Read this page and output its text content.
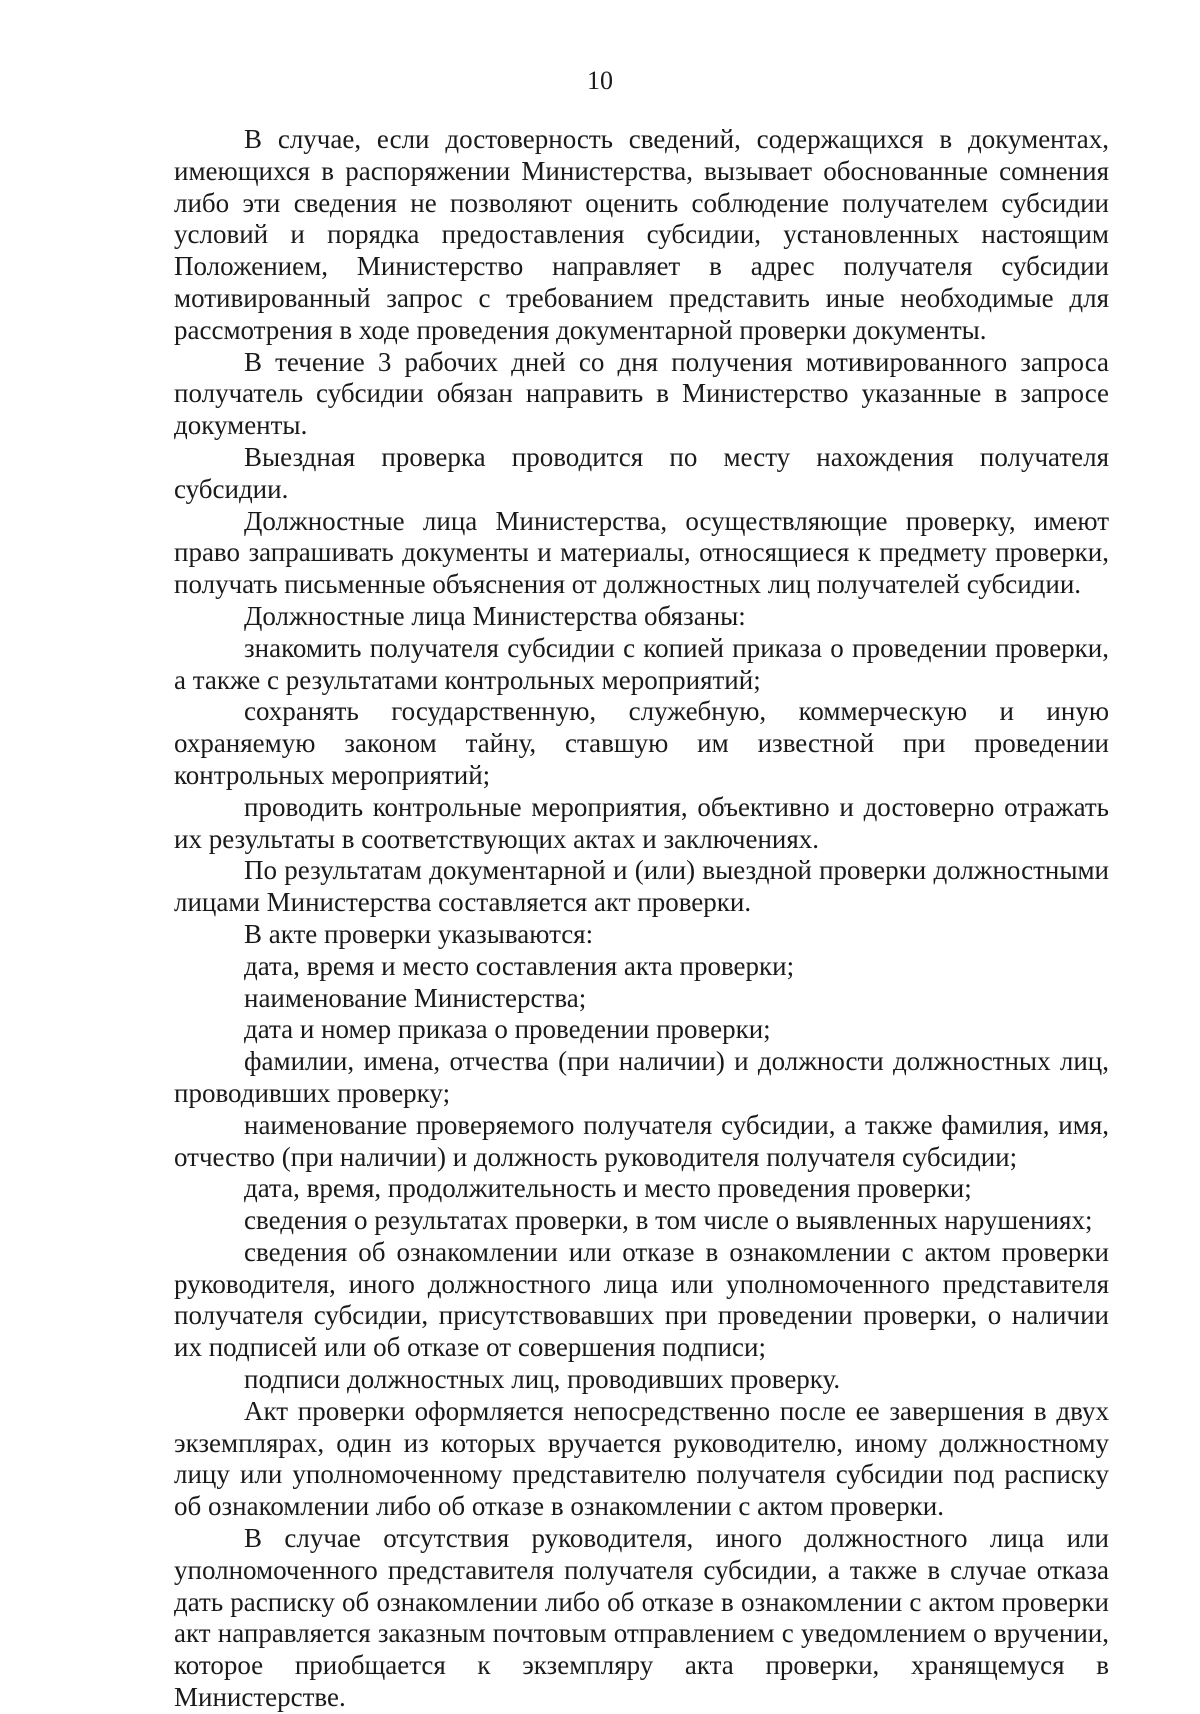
10

В случае, если достоверность сведений, содержащихся в документах, имеющихся в распоряжении Министерства, вызывает обоснованные сомнения либо эти сведения не позволяют оценить соблюдение получателем субсидии условий и порядка предоставления субсидии, установленных настоящим Положением, Министерство направляет в адрес получателя субсидии мотивированный запрос с требованием представить иные необходимые для рассмотрения в ходе проведения документарной проверки документы.

В течение 3 рабочих дней со дня получения мотивированного запроса получатель субсидии обязан направить в Министерство указанные в запросе документы.

Выездная проверка проводится по месту нахождения получателя субсидии.

Должностные лица Министерства, осуществляющие проверку, имеют право запрашивать документы и материалы, относящиеся к предмету проверки, получать письменные объяснения от должностных лиц получателей субсидии.

Должностные лица Министерства обязаны:

знакомить получателя субсидии с копией приказа о проведении проверки, а также с результатами контрольных мероприятий;

сохранять государственную, служебную, коммерческую и иную охраняемую законом тайну, ставшую им известной при проведении контрольных мероприятий;

проводить контрольные мероприятия, объективно и достоверно отражать их результаты в соответствующих актах и заключениях.

По результатам документарной и (или) выездной проверки должностными лицами Министерства составляется акт проверки.

В акте проверки указываются:

дата, время и место составления акта проверки;

наименование Министерства;

дата и номер приказа о проведении проверки;

фамилии, имена, отчества (при наличии) и должности должностных лиц, проводивших проверку;

наименование проверяемого получателя субсидии, а также фамилия, имя, отчество (при наличии) и должность руководителя получателя субсидии;

дата, время, продолжительность и место проведения проверки;

сведения о результатах проверки, в том числе о выявленных нарушениях;

сведения об ознакомлении или отказе в ознакомлении с актом проверки руководителя, иного должностного лица или уполномоченного представителя получателя субсидии, присутствовавших при проведении проверки, о наличии их подписей или об отказе от совершения подписи;

подписи должностных лиц, проводивших проверку.

Акт проверки оформляется непосредственно после ее завершения в двух экземплярах, один из которых вручается руководителю, иному должностному лицу или уполномоченному представителю получателя субсидии под расписку об ознакомлении либо об отказе в ознакомлении с актом проверки.

В случае отсутствия руководителя, иного должностного лица или уполномоченного представителя получателя субсидии, а также в случае отказа дать расписку об ознакомлении либо об отказе в ознакомлении с актом проверки акт направляется заказным почтовым отправлением с уведомлением о вручении, которое приобщается к экземпляру акта проверки, хранящемуся в Министерстве.
